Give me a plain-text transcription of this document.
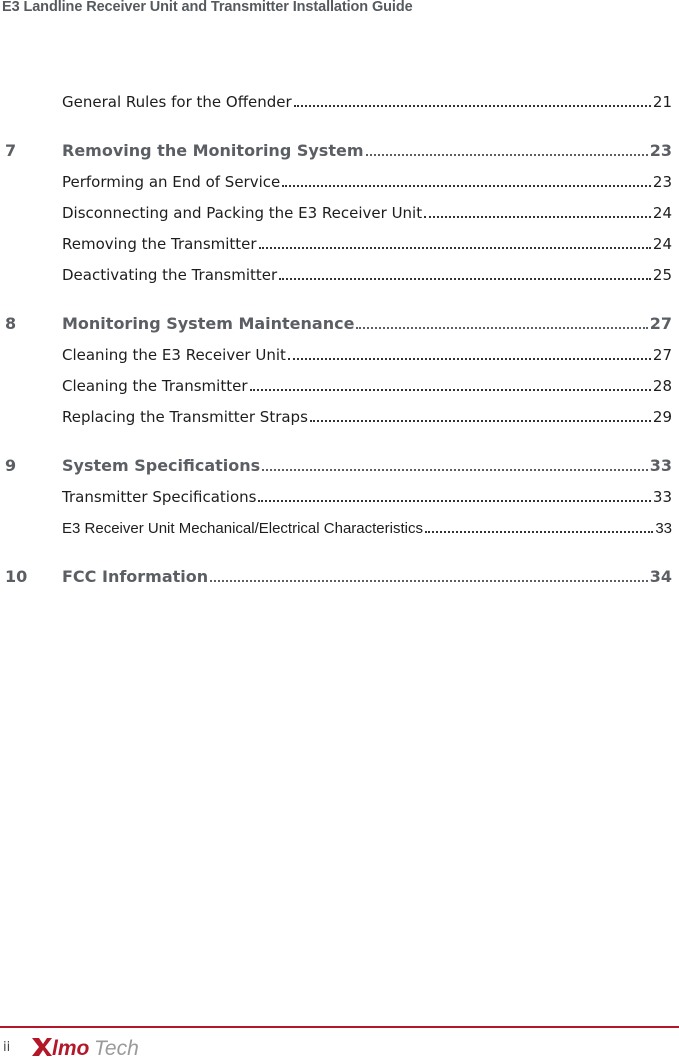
E3 Landline Receiver Unit and Transmitter Installation Guide
General Rules for the Offender	21
7	Removing the Monitoring System	23
Performing an End of Service	23
Disconnecting and Packing the E3 Receiver Unit	24
Removing the Transmitter	24
Deactivating the Transmitter	25
8	Monitoring System Maintenance	27
Cleaning the E3 Receiver Unit	27
Cleaning the Transmitter	28
Replacing the Transmitter Straps	29
9	System Specifications	33
Transmitter Specifications	33
E3 Receiver Unit Mechanical/Electrical Characteristics	33
10	FCC Information	34
ii lmo Tech
